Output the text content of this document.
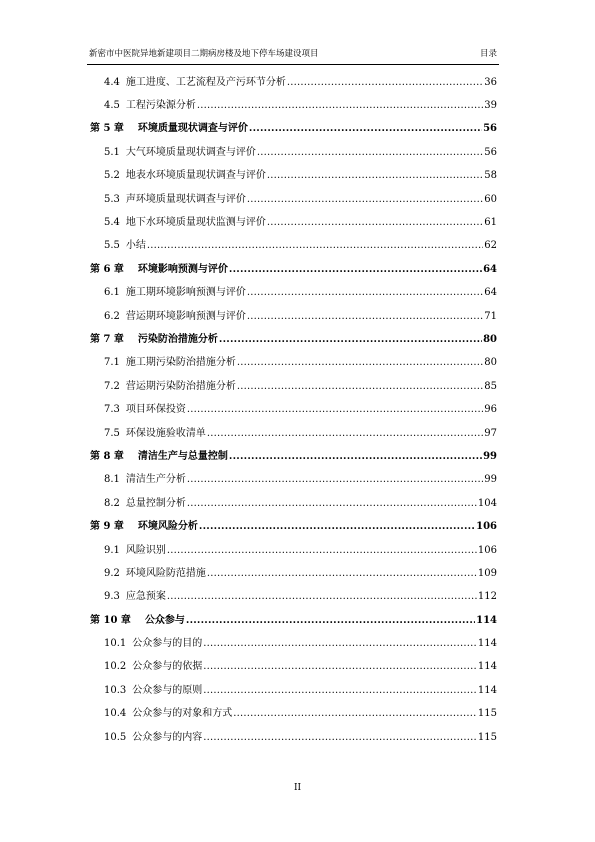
新密市中医院异地新建项目二期病房楼及地下停车场建设项目	目录
4.4 施工进度、工艺流程及产污环节分析 .....	36
4.5 工程污染源分析 .....	39
第 5 章 环境质量现状调查与评价 .....	56
5.1 大气环境质量现状调查与评价 .....	56
5.2 地表水环境质量现状调查与评价 .....	58
5.3 声环境质量现状调查与评价 .....	60
5.4 地下水环境质量现状监测与评价 .....	61
5.5 小结 .....	62
第 6 章 环境影响预测与评价 .....	64
6.1 施工期环境影响预测与评价 .....	64
6.2 营运期环境影响预测与评价 .....	71
第 7 章 污染防治措施分析 .....	80
7.1 施工期污染防治措施分析 .....	80
7.2 营运期污染防治措施分析 .....	85
7.3 项目环保投资 .....	96
7.5 环保设施验收清单 .....	97
第 8 章 清洁生产与总量控制 .....	99
8.1 清洁生产分析 .....	99
8.2 总量控制分析 .....	104
第 9 章 环境风险分析 .....	106
9.1 风险识别 .....	106
9.2 环境风险防范措施 .....	109
9.3 应急预案 .....	112
第 10 章 公众参与 .....	114
10.1 公众参与的目的 .....	114
10.2 公众参与的依据 .....	114
10.3 公众参与的原则 .....	114
10.4 公众参与的对象和方式 .....	115
10.5 公众参与的内容 .....	115
II
